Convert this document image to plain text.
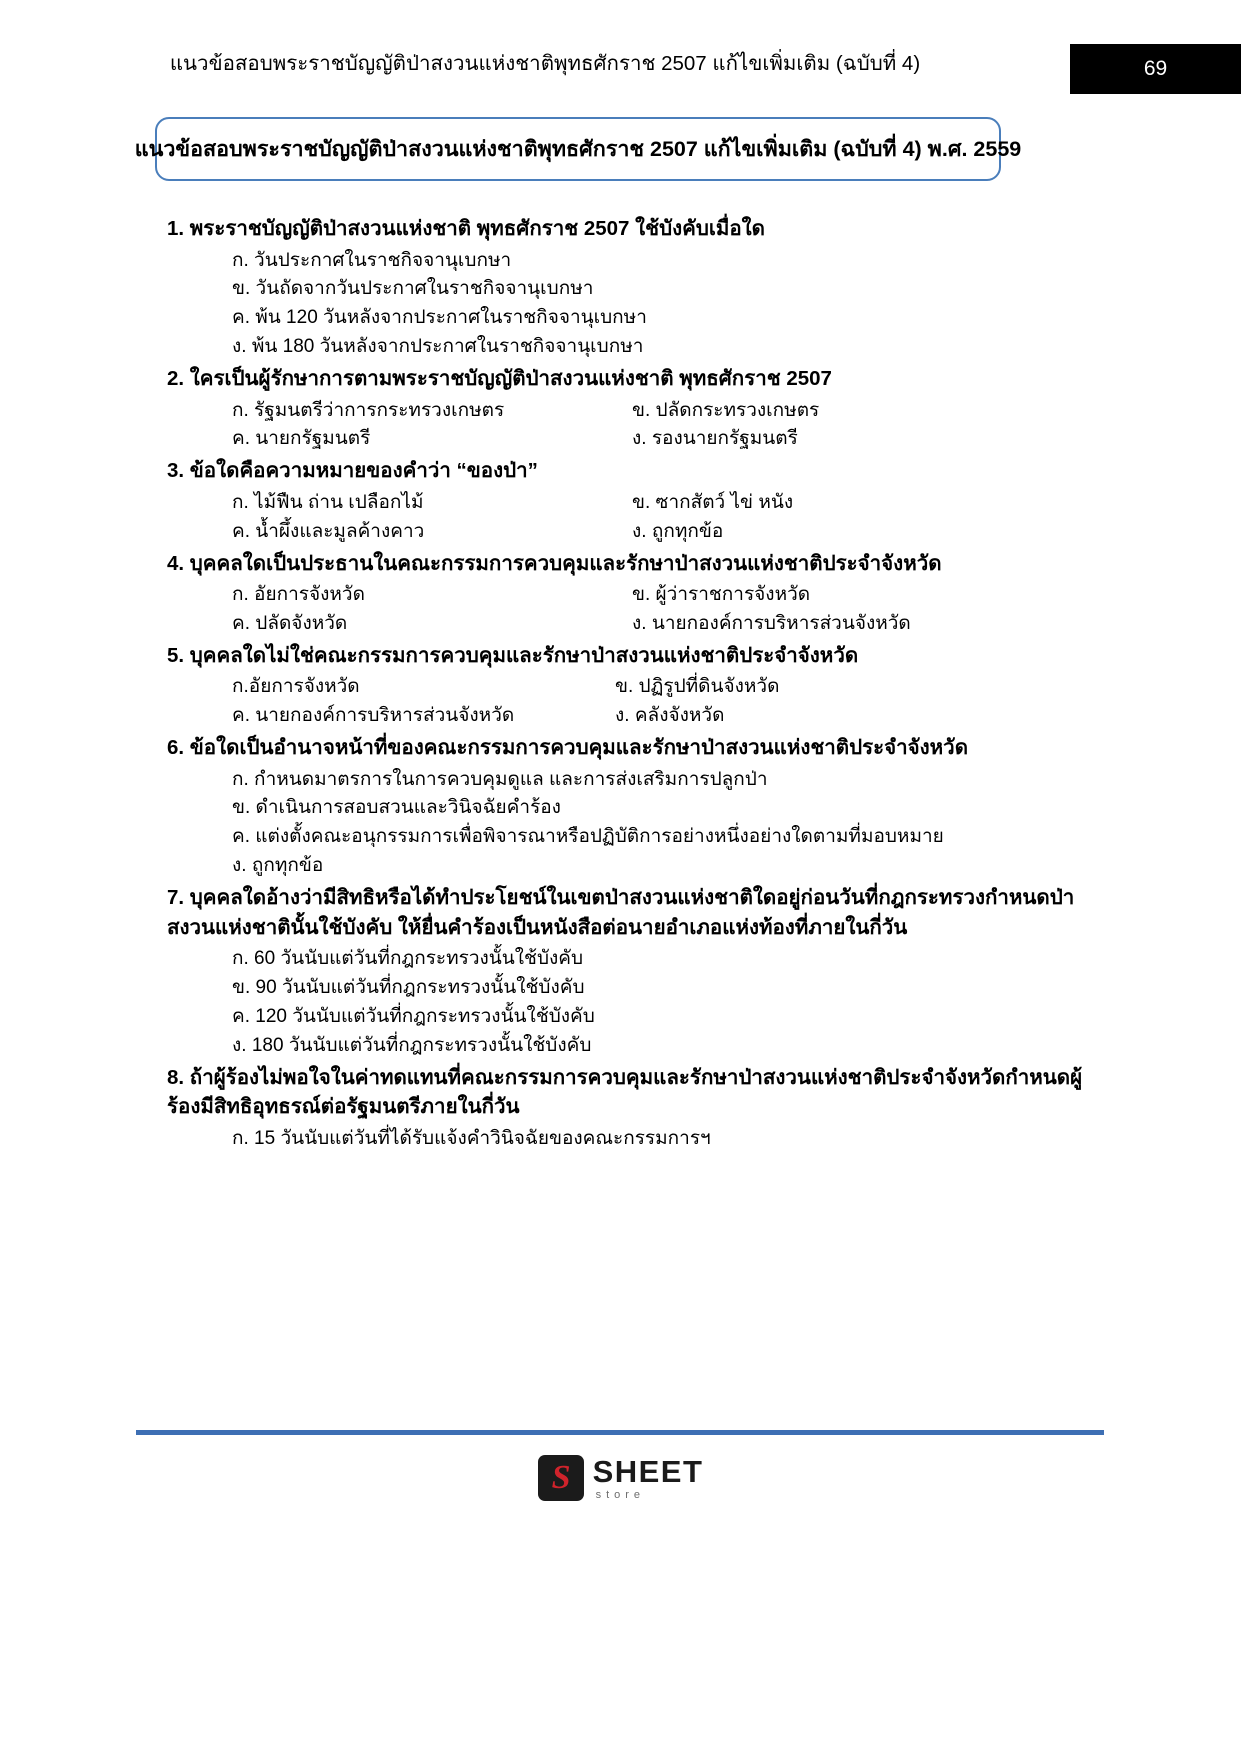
แนวข้อสอบพระราชบัญญัติป่าสงวนแห่งชาติพุทธศักราช 2507 แก้ไขเพิ่มเติม (ฉบับที่ 4)	69
แนวข้อสอบพระราชบัญญัติป่าสงวนแห่งชาติพุทธศักราช 2507 แก้ไขเพิ่มเติม (ฉบับที่ 4) พ.ศ. 2559
1. พระราชบัญญัติป่าสงวนแห่งชาติ พุทธศักราช 2507 ใช้บังคับเมื่อใด
ก. วันประกาศในราชกิจจานุเบกษา
ข. วันถัดจากวันประกาศในราชกิจจานุเบกษา
ค. พ้น 120 วันหลังจากประกาศในราชกิจจานุเบกษา
ง. พ้น 180 วันหลังจากประกาศในราชกิจจานุเบกษา
2. ใครเป็นผู้รักษาการตามพระราชบัญญัติป่าสงวนแห่งชาติ พุทธศักราช 2507
ก. รัฐมนตรีว่าการกระทรวงเกษตร	ข. ปลัดกระทรวงเกษตร
ค. นายกรัฐมนตรี	ง. รองนายกรัฐมนตรี
3. ข้อใดคือความหมายของคำว่า “ของป่า”
ก. ไม้ฟืน ถ่าน เปลือกไม้	ข. ซากสัตว์ ไข่ หนัง
ค. น้ำผึ้งและมูลค้างคาว	ง. ถูกทุกข้อ
4. บุคคลใดเป็นประธานในคณะกรรมการควบคุมและรักษาป่าสงวนแห่งชาติประจำจังหวัด
ก. อัยการจังหวัด	ข. ผู้ว่าราชการจังหวัด
ค. ปลัดจังหวัด	ง. นายกองค์การบริหารส่วนจังหวัด
5. บุคคลใดไม่ใช่คณะกรรมการควบคุมและรักษาป่าสงวนแห่งชาติประจำจังหวัด
ก.อัยการจังหวัด	ข. ปฏิรูปที่ดินจังหวัด
ค. นายกองค์การบริหารส่วนจังหวัด	ง. คลังจังหวัด
6. ข้อใดเป็นอำนาจหน้าที่ของคณะกรรมการควบคุมและรักษาป่าสงวนแห่งชาติประจำจังหวัด
ก. กำหนดมาตรการในการควบคุมดูแล และการส่งเสริมการปลูกป่า
ข. ดำเนินการสอบสวนและวินิจฉัยคำร้อง
ค. แต่งตั้งคณะอนุกรรมการเพื่อพิจารณาหรือปฏิบัติการอย่างหนึ่งอย่างใดตามที่มอบหมาย
ง. ถูกทุกข้อ
7. บุคคลใดอ้างว่ามีสิทธิหรือได้ทำประโยชน์ในเขตป่าสงวนแห่งชาติใดอยู่ก่อนวันที่กฎกระทรวงกำหนดป่าสงวนแห่งชาตินั้นใช้บังคับ ให้ยื่นคำร้องเป็นหนังสือต่อนายอำเภอแห่งท้องที่ภายในกี่วัน
ก. 60 วันนับแต่วันที่กฎกระทรวงนั้นใช้บังคับ
ข. 90 วันนับแต่วันที่กฎกระทรวงนั้นใช้บังคับ
ค. 120 วันนับแต่วันที่กฎกระทรวงนั้นใช้บังคับ
ง. 180 วันนับแต่วันที่กฎกระทรวงนั้นใช้บังคับ
8. ถ้าผู้ร้องไม่พอใจในค่าทดแทนที่คณะกรรมการควบคุมและรักษาป่าสงวนแห่งชาติประจำจังหวัดกำหนดผู้ร้องมีสิทธิอุทธรณ์ต่อรัฐมนตรีภายในกี่วัน
ก. 15 วันนับแต่วันที่ได้รับแจ้งคำวินิจฉัยของคณะกรรมการฯ
S SHEET
store
